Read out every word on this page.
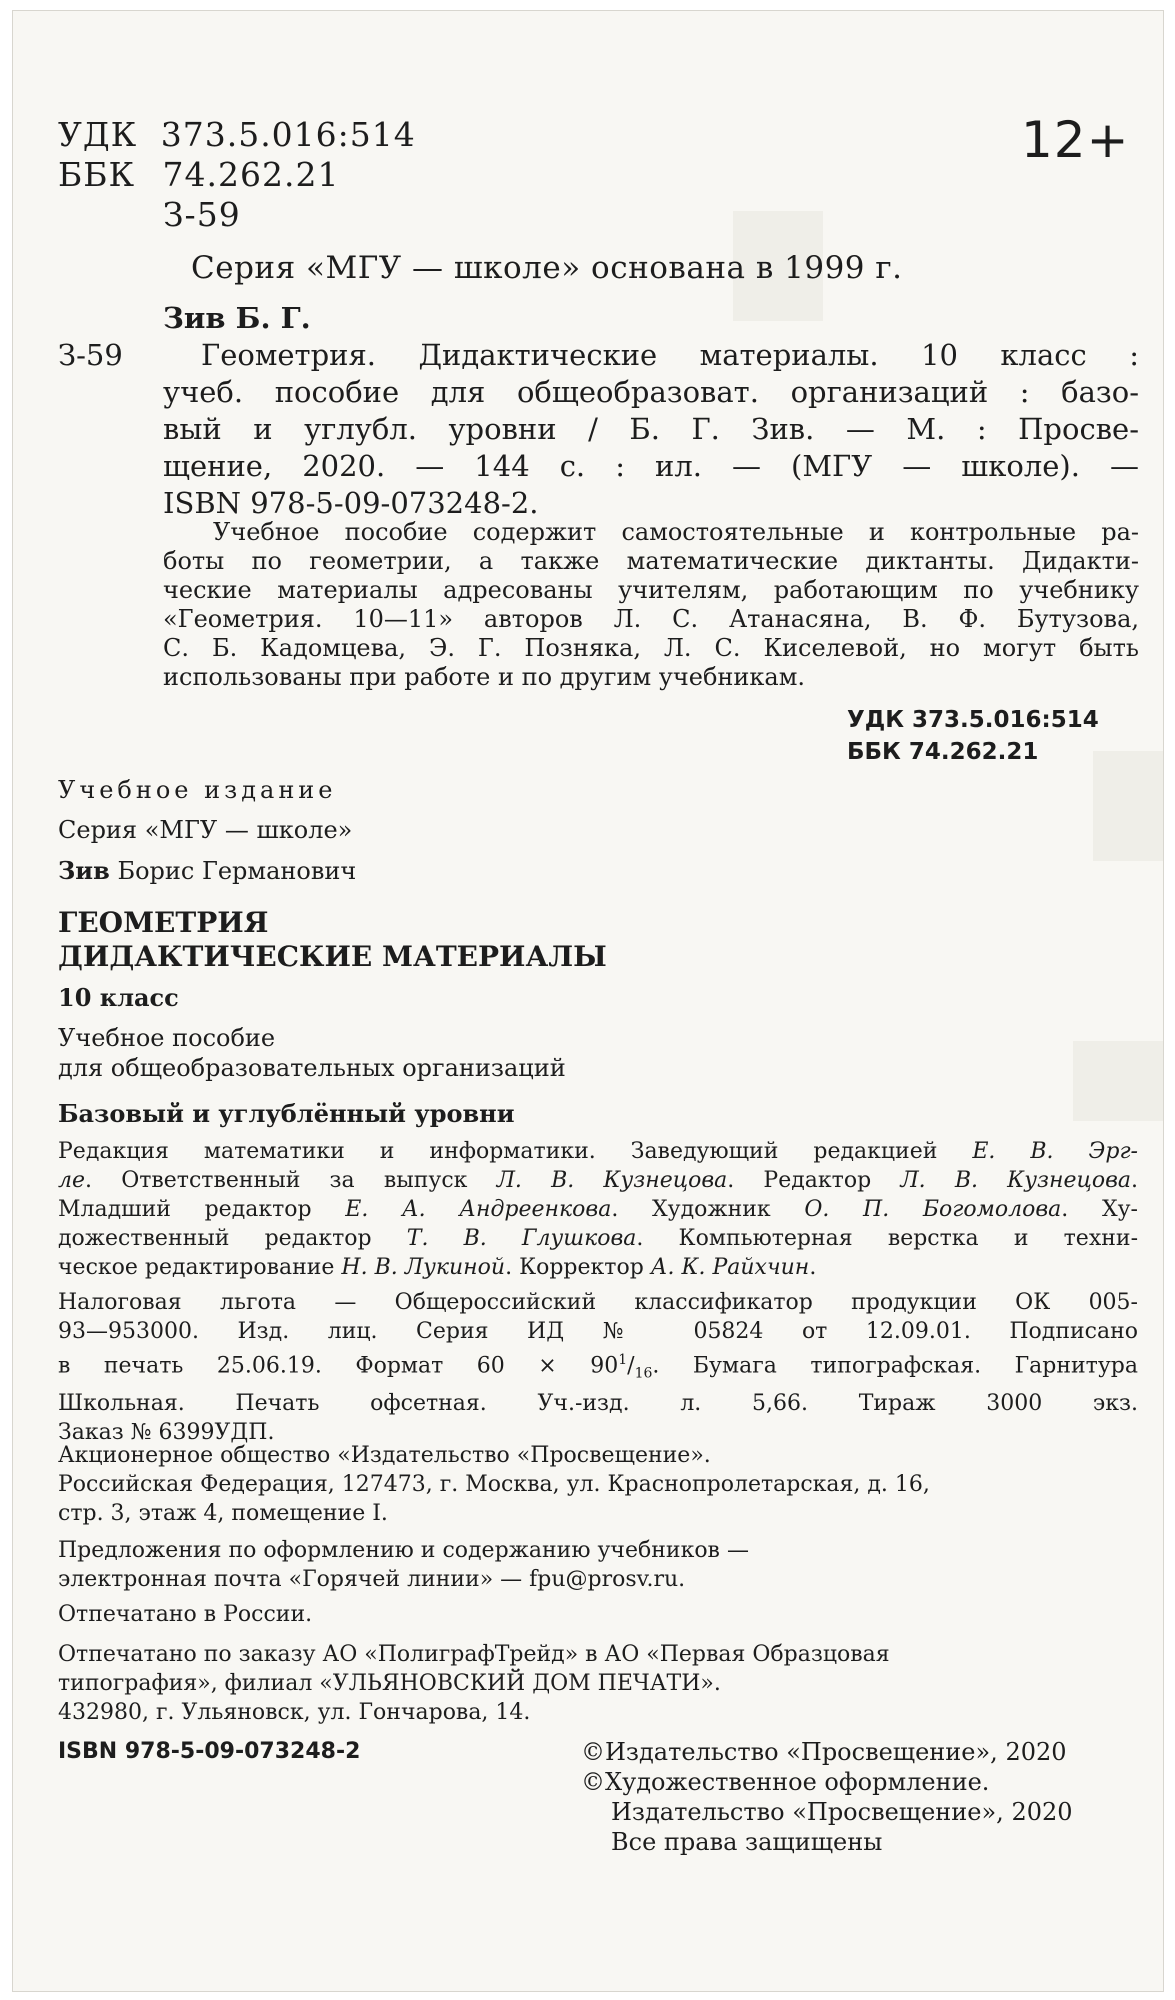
УДК 373.5.016:514
ББК 74.262.21
З-59
12+
Серия «МГУ — школе» основана в 1999 г.
Зив Б. Г.
З-59	Геометрия. Дидактические материалы. 10 класс :
учеб. пособие для общеобразоват. организаций : базо-
вый и углубл. уровни / Б. Г. Зив. — М. : Просве-
щение, 2020. — 144 с. : ил. — (МГУ — школе). —
ISBN 978-5-09-073248-2.
Учебное пособие содержит самостоятельные и контрольные ра-
боты по геометрии, а также математические диктанты. Дидакти-
ческие материалы адресованы учителям, работающим по учебнику
«Геометрия. 10—11» авторов Л. С. Атанасяна, В. Ф. Бутузова,
С. Б. Кадомцева, Э. Г. Позняка, Л. С. Киселевой, но могут быть
использованы при работе и по другим учебникам.
УДК 373.5.016:514
ББК 74.262.21
Учебное издание
Серия «МГУ — школе»
Зив Борис Германович
ГЕОМЕТРИЯ
ДИДАКТИЧЕСКИЕ МАТЕРИАЛЫ
10 класс
Учебное пособие
для общеобразовательных организаций
Базовый и углублённый уровни
Редакция математики и информатики. Заведующий редакцией Е. В. Эрг-
ле. Ответственный за выпуск Л. В. Кузнецова. Редактор Л. В. Кузнецова.
Младший редактор Е. А. Андреенкова. Художник О. П. Богомолова. Ху-
дожественный редактор Т. В. Глушкова. Компьютерная верстка и техни-
ческое редактирование Н. В. Лукиной. Корректор А. К. Райхчин.
Налоговая льгота — Общероссийский классификатор продукции ОК 005-
93—953000. Изд. лиц. Серия ИД № 05824 от 12.09.01. Подписано
в печать 25.06.19. Формат $60 \times 90^1/_{16}$. Бумага типографская. Гарнитура
Школьная. Печать офсетная. Уч.-изд. л. 5,66. Тираж 3000 экз.
Заказ № 6399УДП.
Акционерное общество «Издательство «Просвещение».
Российская Федерация, 127473, г. Москва, ул. Краснопролетарская, д. 16,
стр. 3, этаж 4, помещение I.
Предложения по оформлению и содержанию учебников —
электронная почта «Горячей линии» — fpu@prosv.ru.
Отпечатано в России.
Отпечатано по заказу АО «ПолиграфТрейд» в АО «Первая Образцовая
типография», филиал «УЛЬЯНОВСКИЙ ДОМ ПЕЧАТИ».
432980, г. Ульяновск, ул. Гончарова, 14.
ISBN 978-5-09-073248-2	©Издательство «Просвещение», 2020
©Художественное оформление.
Издательство «Просвещение», 2020
Все права защищены
